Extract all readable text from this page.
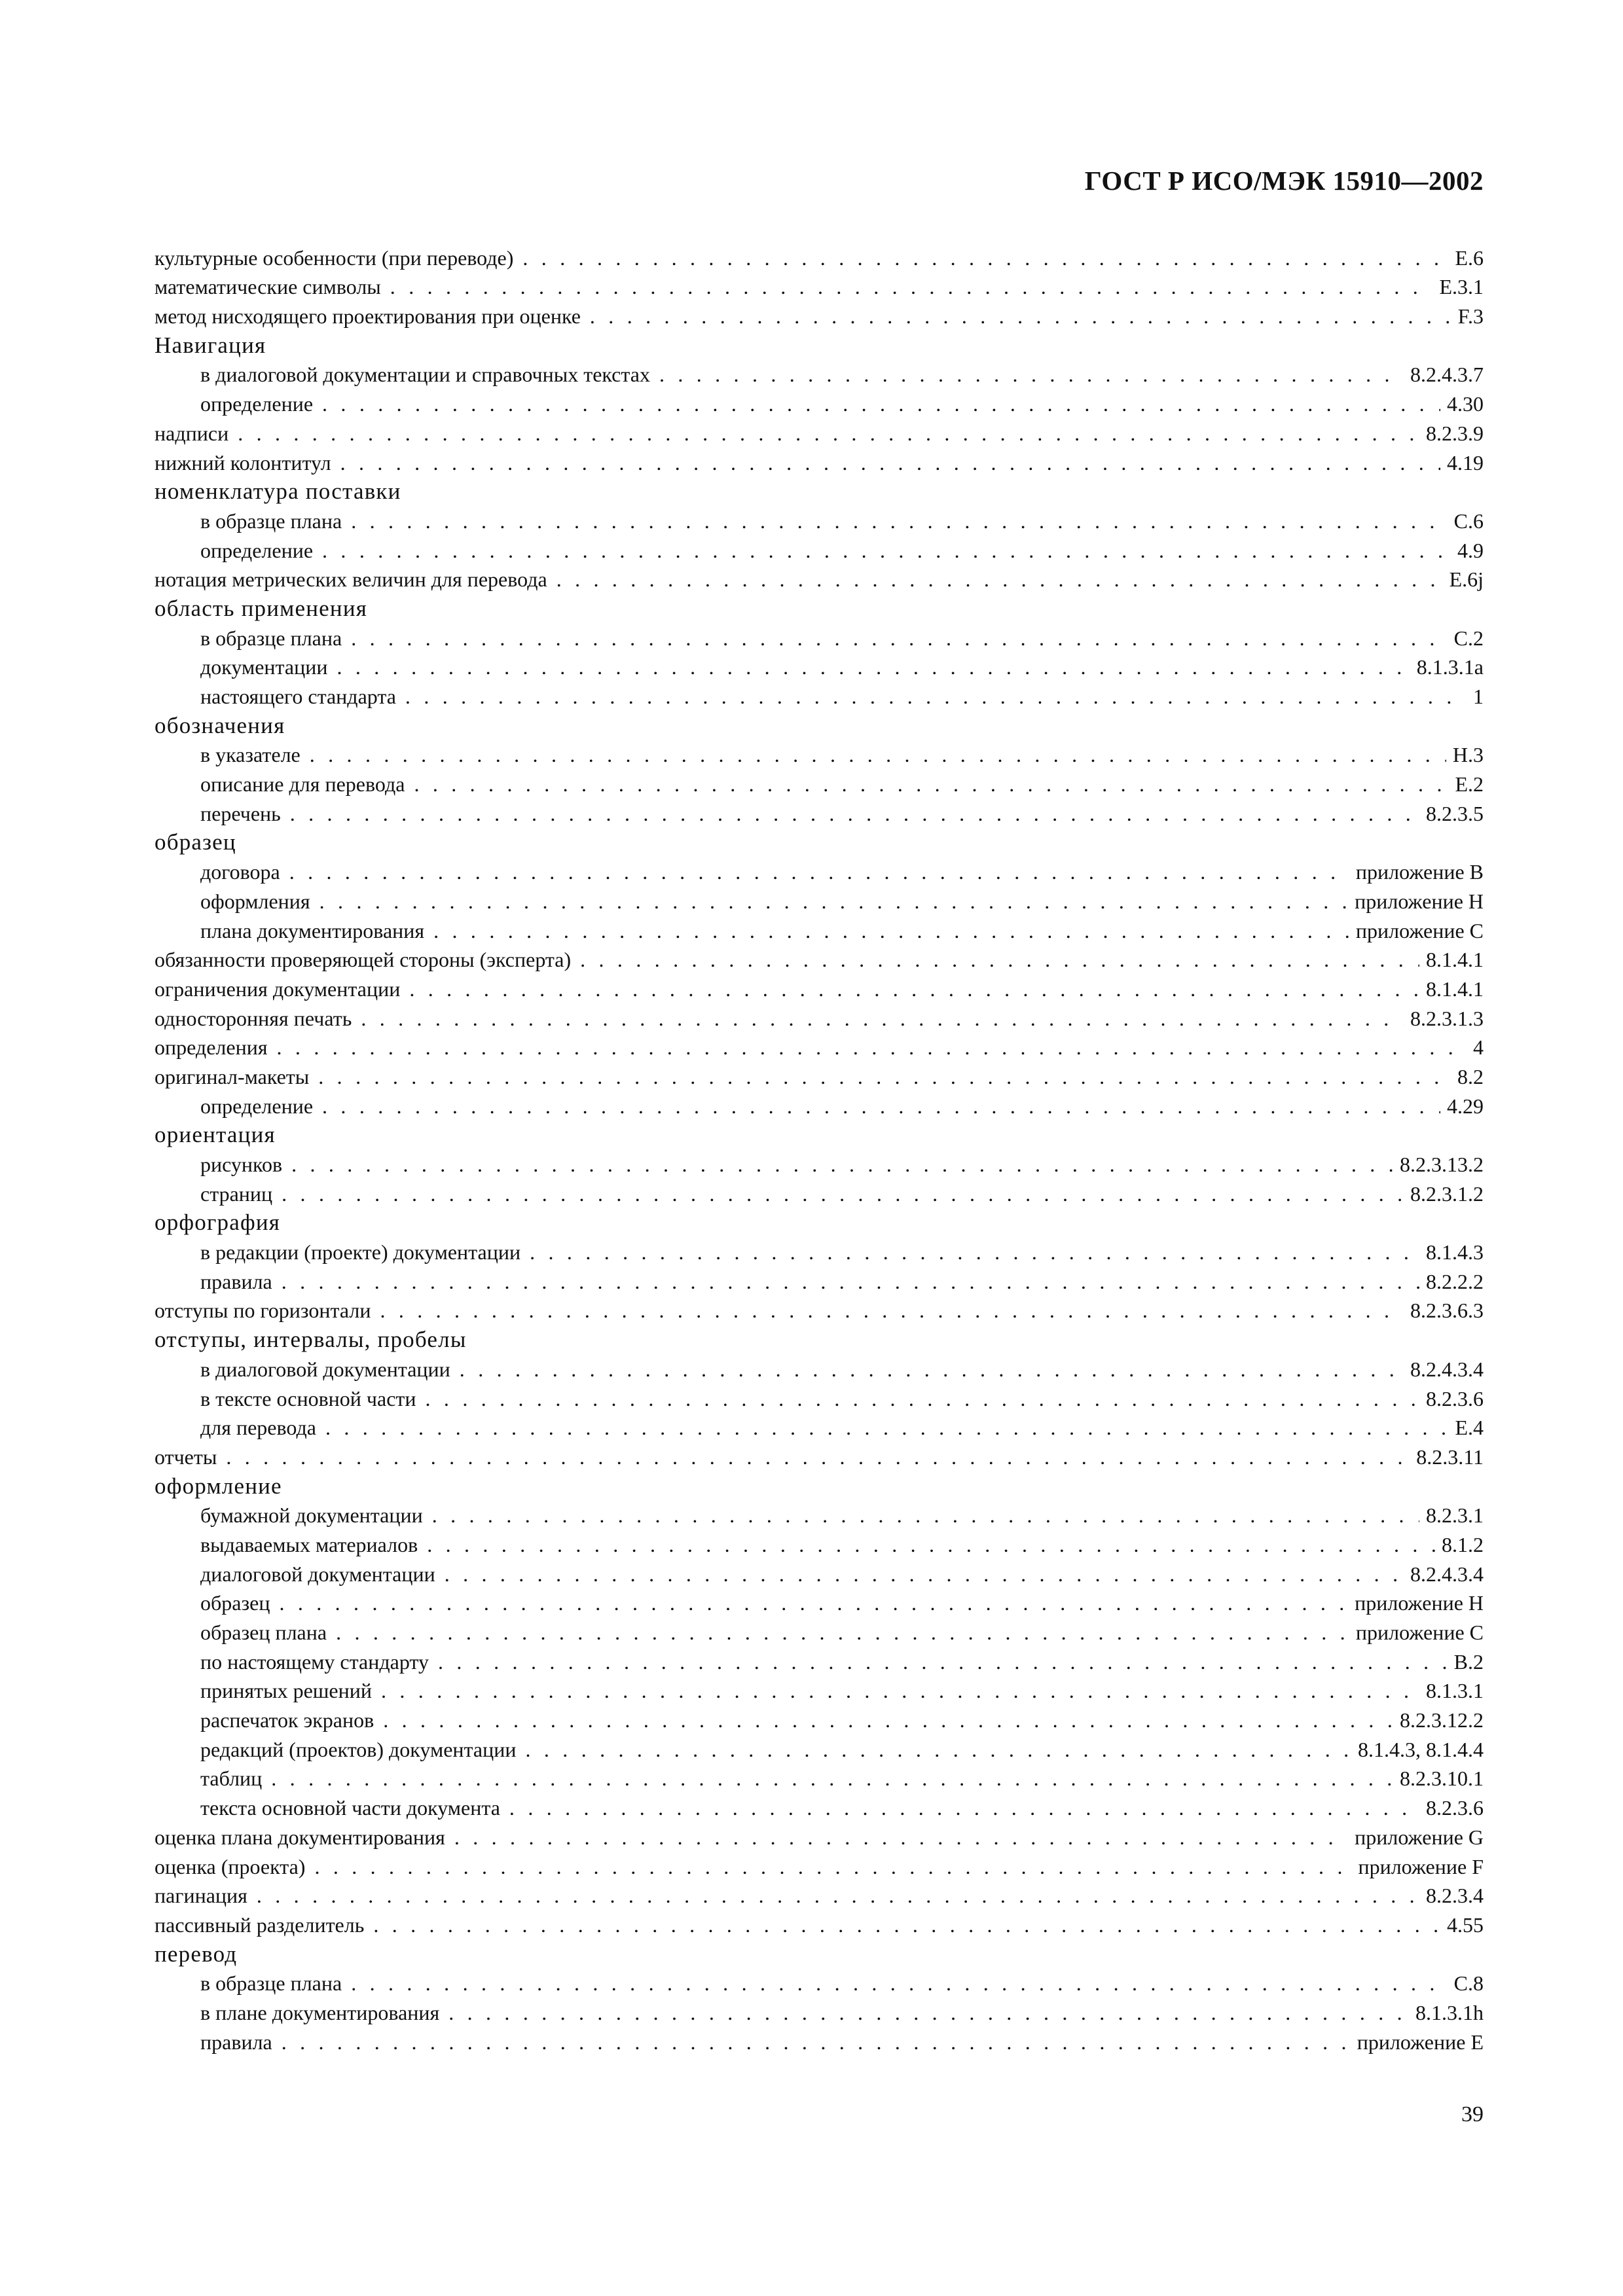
ГОСТ Р ИСО/МЭК 15910—2002
культурные особенности (при переводе) . . .	E.6
математические символы . . .	E.3.1
метод нисходящего проектирования при оценке . . .	F.3
Навигация
в диалоговой документации и справочных текстах . . .	8.2.4.3.7
определение . . .	4.30
надписи . . .	8.2.3.9
нижний колонтитул . . .	4.19
номенклатура поставки
в образце плана . . .	C.6
определение . . .	4.9
нотация метрических величин для перевода . . .	E.6j
область применения
в образце плана . . .	C.2
документации . . .	8.1.3.1a
настоящего стандарта . . .	1
обозначения
в указателе . . .	H.3
описание для перевода . . .	E.2
перечень . . .	8.2.3.5
образец
договора . . .	приложение В
оформления . . .	приложение Н
плана документирования . . .	приложение С
обязанности проверяющей стороны (эксперта) . . .	8.1.4.1
ограничения документации . . .	8.1.4.1
односторонняя печать . . .	8.2.3.1.3
определения . . .	4
оригинал-макеты . . .	8.2
определение . . .	4.29
ориентация
рисунков . . .	8.2.3.13.2
страниц . . .	8.2.3.1.2
орфография
в редакции (проекте) документации . . .	8.1.4.3
правила . . .	8.2.2.2
отступы по горизонтали . . .	8.2.3.6.3
отступы, интервалы, пробелы
в диалоговой документации . . .	8.2.4.3.4
в тексте основной части . . .	8.2.3.6
для перевода . . .	E.4
отчеты . . .	8.2.3.11
оформление
бумажной документации . . .	8.2.3.1
выдаваемых материалов . . .	8.1.2
диалоговой документации . . .	8.2.4.3.4
образец . . .	приложение Н
образец плана . . .	приложение С
по настоящему стандарту . . .	B.2
принятых решений . . .	8.1.3.1
распечаток экранов . . .	8.2.3.12.2
редакций (проектов) документации . . .	8.1.4.3, 8.1.4.4
таблиц . . .	8.2.3.10.1
текста основной части документа . . .	8.2.3.6
оценка плана документирования . . .	приложение G
оценка (проекта) . . .	приложение F
пагинация . . .	8.2.3.4
пассивный разделитель . . .	4.55
перевод
в образце плана . . .	C.8
в плане документирования . . .	8.1.3.1h
правила . . .	приложение E
39
